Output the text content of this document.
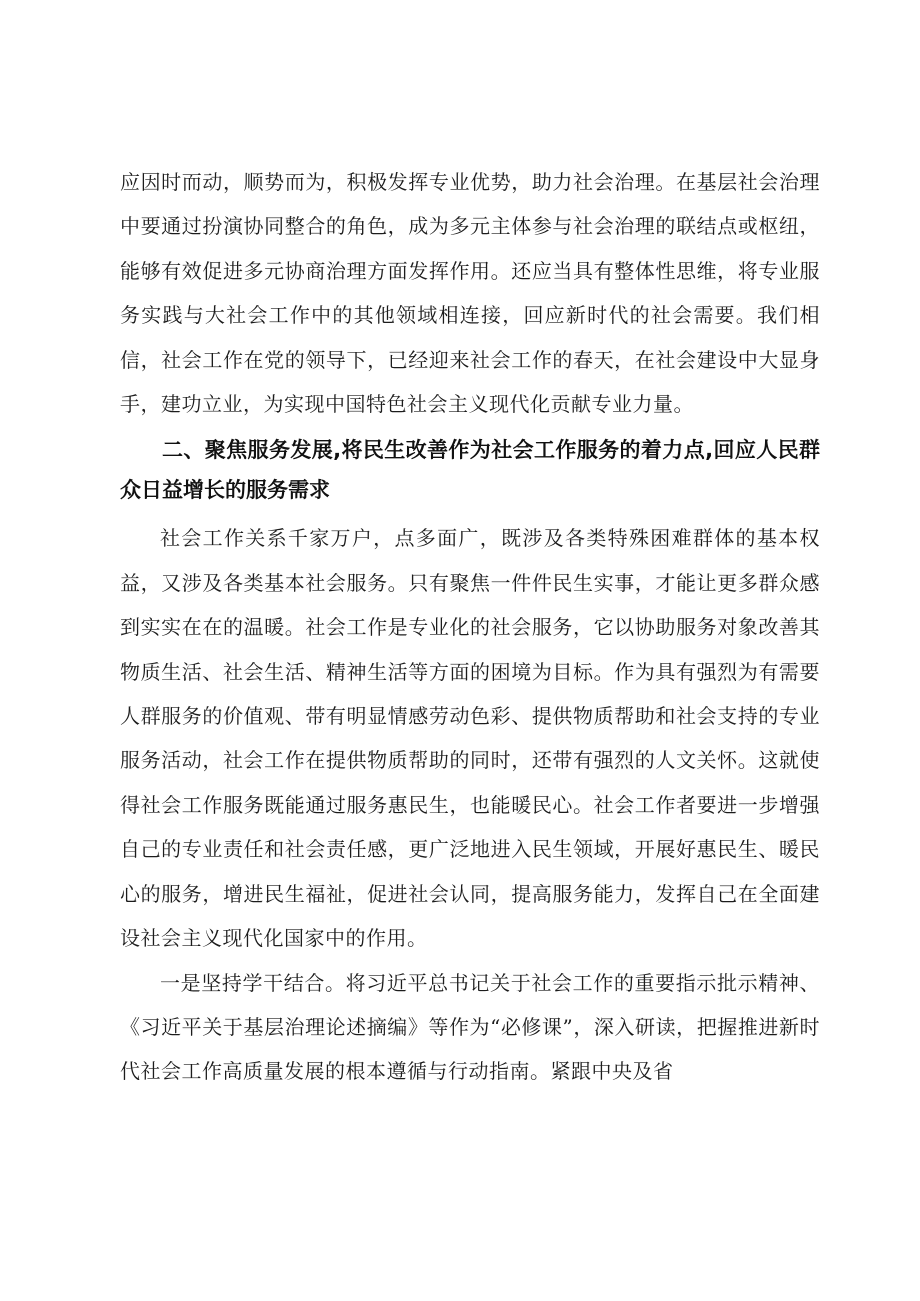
应因时而动，顺势而为，积极发挥专业优势，助力社会治理。在基层社会治理中要通过扮演协同整合的角色，成为多元主体参与社会治理的联结点或枢纽，能够有效促进多元协商治理方面发挥作用。还应当具有整体性思维，将专业服务实践与大社会工作中的其他领域相连接，回应新时代的社会需要。我们相信，社会工作在党的领导下，已经迎来社会工作的春天，在社会建设中大显身手，建功立业，为实现中国特色社会主义现代化贡献专业力量。

二、聚焦服务发展,将民生改善作为社会工作服务的着力点,回应人民群众日益增长的服务需求

社会工作关系千家万户，点多面广，既涉及各类特殊困难群体的基本权益，又涉及各类基本社会服务。只有聚焦一件件民生实事，才能让更多群众感到实实在在的温暖。社会工作是专业化的社会服务，它以协助服务对象改善其物质生活、社会生活、精神生活等方面的困境为目标。作为具有强烈为有需要人群服务的价值观、带有明显情感劳动色彩、提供物质帮助和社会支持的专业服务活动，社会工作在提供物质帮助的同时，还带有强烈的人文关怀。这就使得社会工作服务既能通过服务惠民生，也能暖民心。社会工作者要进一步增强自己的专业责任和社会责任感，更广泛地进入民生领域，开展好惠民生、暖民心的服务，增进民生福祉，促进社会认同，提高服务能力，发挥自己在全面建设社会主义现代化国家中的作用。

一是坚持学干结合。将习近平总书记关于社会工作的重要指示批示精神、《习近平关于基层治理论述摘编》等作为“必修课”，深入研读，把握推进新时代社会工作高质量发展的根本遵循与行动指南。紧跟中央及省
